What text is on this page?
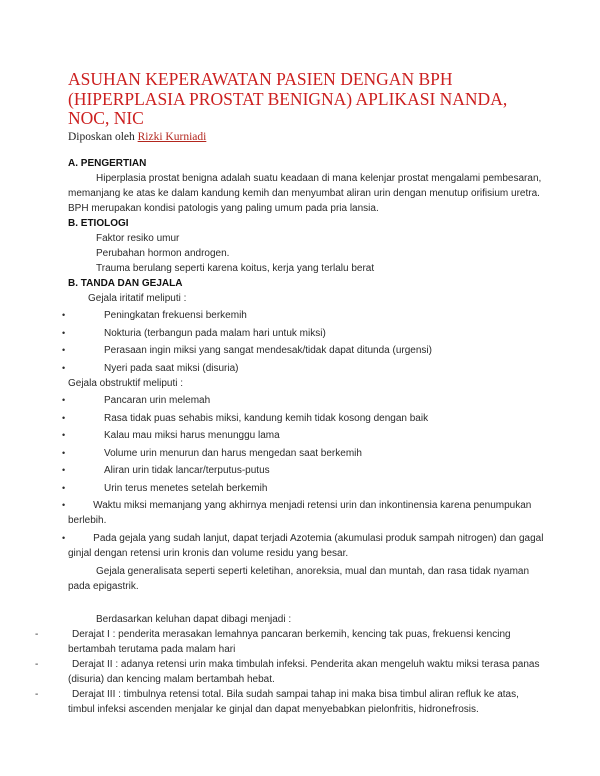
ASUHAN KEPERAWATAN PASIEN DENGAN BPH (HIPERPLASIA PROSTAT BENIGNA) APLIKASI NANDA, NOC, NIC
Diposkan oleh Rizki Kurniadi
A. PENGERTIAN
Hiperplasia prostat benigna adalah suatu keadaan di mana kelenjar prostat mengalami pembesaran, memanjang ke atas ke dalam kandung kemih dan menyumbat aliran urin dengan menutup orifisium uretra. BPH merupakan kondisi patologis yang paling umum pada pria lansia.
B. ETIOLOGI
Faktor resiko umur
Perubahan hormon androgen.
Trauma berulang seperti karena koitus, kerja yang terlalu berat
B. TANDA DAN GEJALA
Gejala iritatif meliputi :
•	Peningkatan frekuensi berkemih
•	Nokturia (terbangun pada malam hari untuk miksi)
•	Perasaan ingin miksi yang sangat mendesak/tidak dapat ditunda (urgensi)
•	Nyeri pada saat miksi (disuria)
Gejala obstruktif meliputi :
•	Pancaran urin melemah
•	Rasa tidak puas sehabis miksi, kandung kemih tidak kosong dengan baik
•	Kalau mau miksi harus menunggu lama
•	Volume urin menurun dan harus mengedan saat berkemih
•	Aliran urin tidak lancar/terputus-putus
•	Urin terus menetes setelah berkemih
•	Waktu miksi memanjang yang akhirnya menjadi retensi urin dan inkontinensia karena penumpukan berlebih.
•	Pada gejala yang sudah lanjut, dapat terjadi Azotemia (akumulasi produk sampah nitrogen) dan gagal ginjal dengan retensi urin kronis dan volume residu yang besar.
Gejala generalisata seperti seperti keletihan, anoreksia, mual dan muntah, dan rasa tidak nyaman pada epigastrik.
Berdasarkan keluhan dapat dibagi menjadi :
-	Derajat I : penderita merasakan lemahnya pancaran berkemih, kencing tak puas, frekuensi kencing bertambah terutama pada malam hari
-	Derajat II : adanya retensi urin maka timbulah infeksi. Penderita akan mengeluh waktu miksi terasa panas (disuria) dan kencing malam bertambah hebat.
-	Derajat III : timbulnya retensi total. Bila sudah sampai tahap ini maka bisa timbul aliran refluk ke atas, timbul infeksi ascenden menjalar ke ginjal dan dapat menyebabkan pielonfritis, hidronefrosis.
